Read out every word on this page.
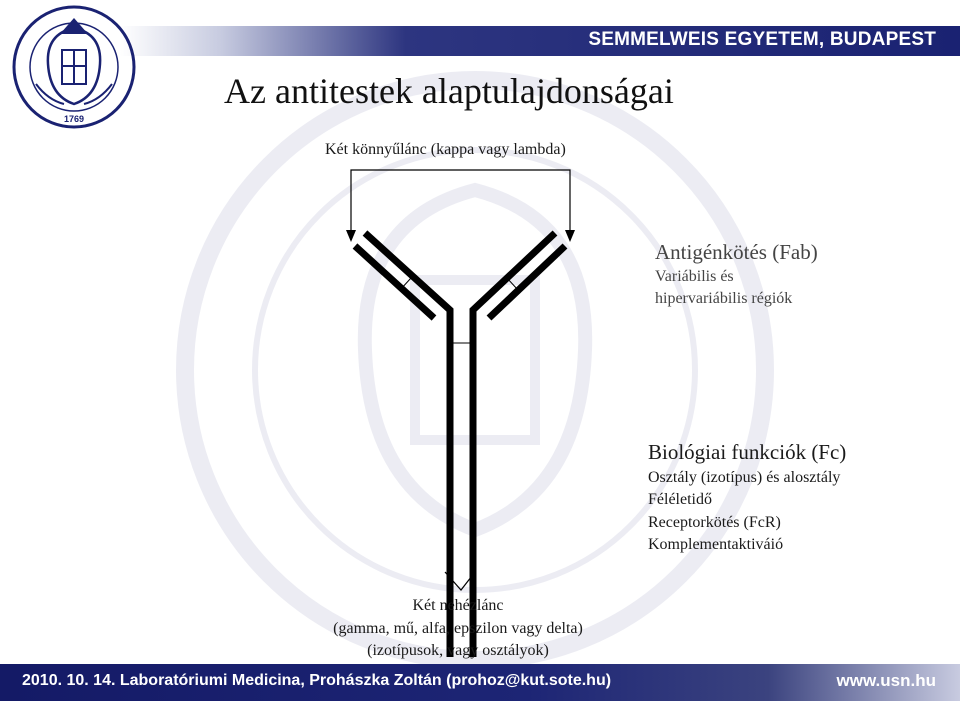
SEMMELWEIS EGYETEM, BUDAPEST
1769
Az antitestek alaptulajdonságai
Két könnyűlánc (kappa vagy lambda)
Antigénkötés (Fab)
Variábilis és
hipervariábilis régiók
Biológiai funkciók (Fc)
Osztály (izotípus) és alosztály
Féléletidő
Receptorkötés (FcR)
Komplementaktiváió
Két nehézlánc
(gamma, mű, alfa, epszilon vagy delta)
(izotípusok, vagy osztályok)
2010. 10. 14. Laboratóriumi Medicina, Prohászka Zoltán (prohoz@kut.sote.hu)	www.usn.hu
